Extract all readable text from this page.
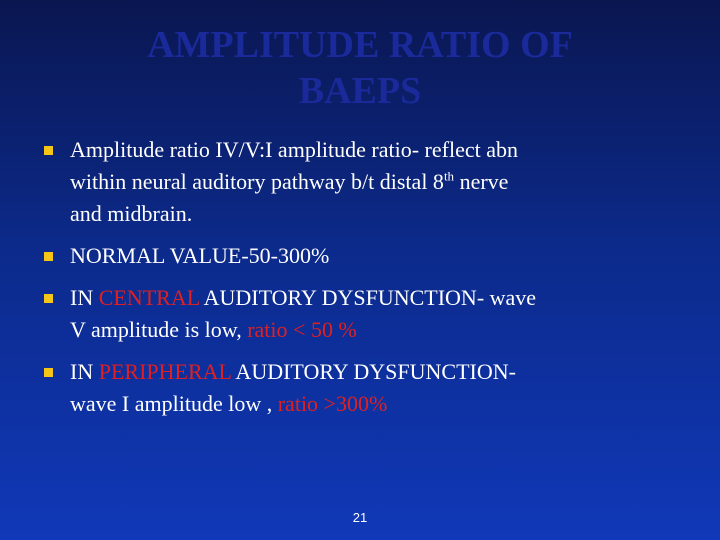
AMPLITUDE RATIO OF
BAEPS
Amplitude ratio IV/V:I amplitude ratio- reflect abn
within neural auditory pathway b/t distal 8th nerve
and midbrain.
NORMAL VALUE-50-300%
IN CENTRAL AUDITORY DYSFUNCTION- wave
V amplitude is low, ratio < 50 %
IN PERIPHERAL AUDITORY DYSFUNCTION-
wave I amplitude low , ratio >300%
21
